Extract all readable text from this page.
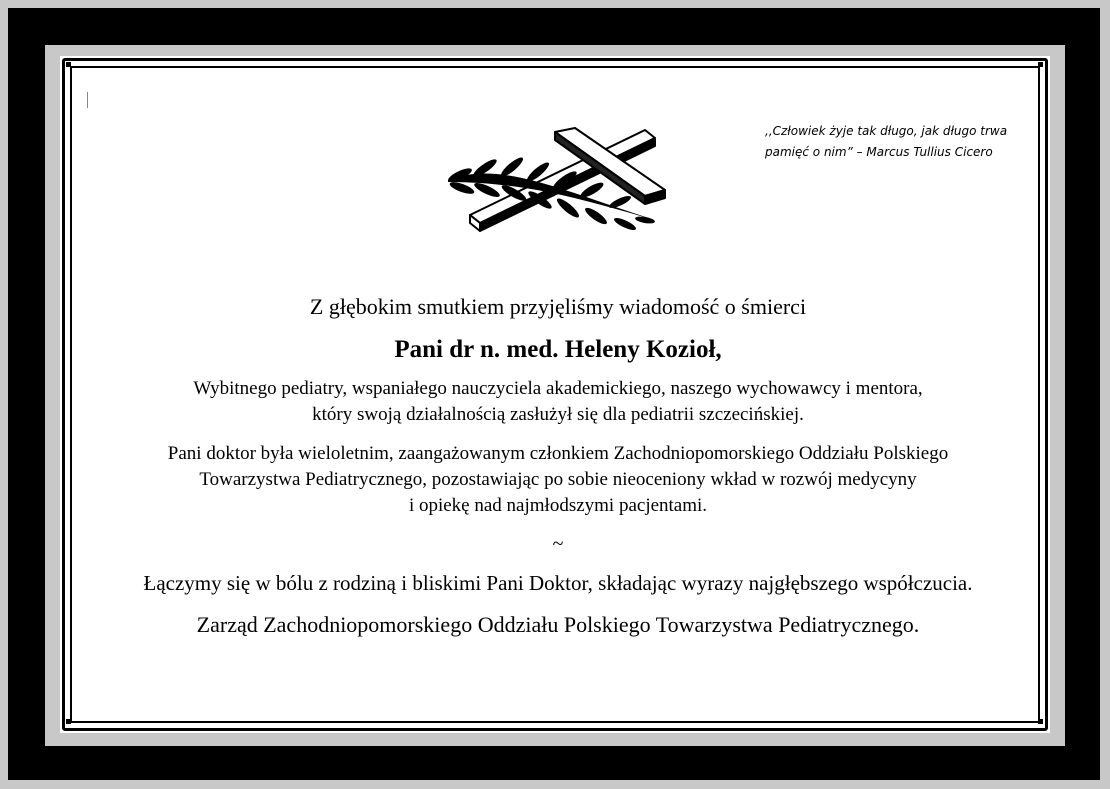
,,Człowiek żyje tak długo, jak długo trwa
pamięć o nim” – Marcus Tullius Cicero
Z głębokim smutkiem przyjęliśmy wiadomość o śmierci
Pani dr n. med. Heleny Kozioł,
Wybitnego pediatry, wspaniałego nauczyciela akademickiego, naszego wychowawcy i mentora,
który swoją działalnością zasłużył się dla pediatrii szczecińskiej.
Pani doktor była wieloletnim, zaangażowanym członkiem Zachodniopomorskiego Oddziału Polskiego
Towarzystwa Pediatrycznego, pozostawiając po sobie nieoceniony wkład w rozwój medycyny
i opiekę nad najmłodszymi pacjentami.
~
Łączymy się w bólu z rodziną i bliskimi Pani Doktor, składając wyrazy najgłębszego współczucia.
Zarząd Zachodniopomorskiego Oddziału Polskiego Towarzystwa Pediatrycznego.
